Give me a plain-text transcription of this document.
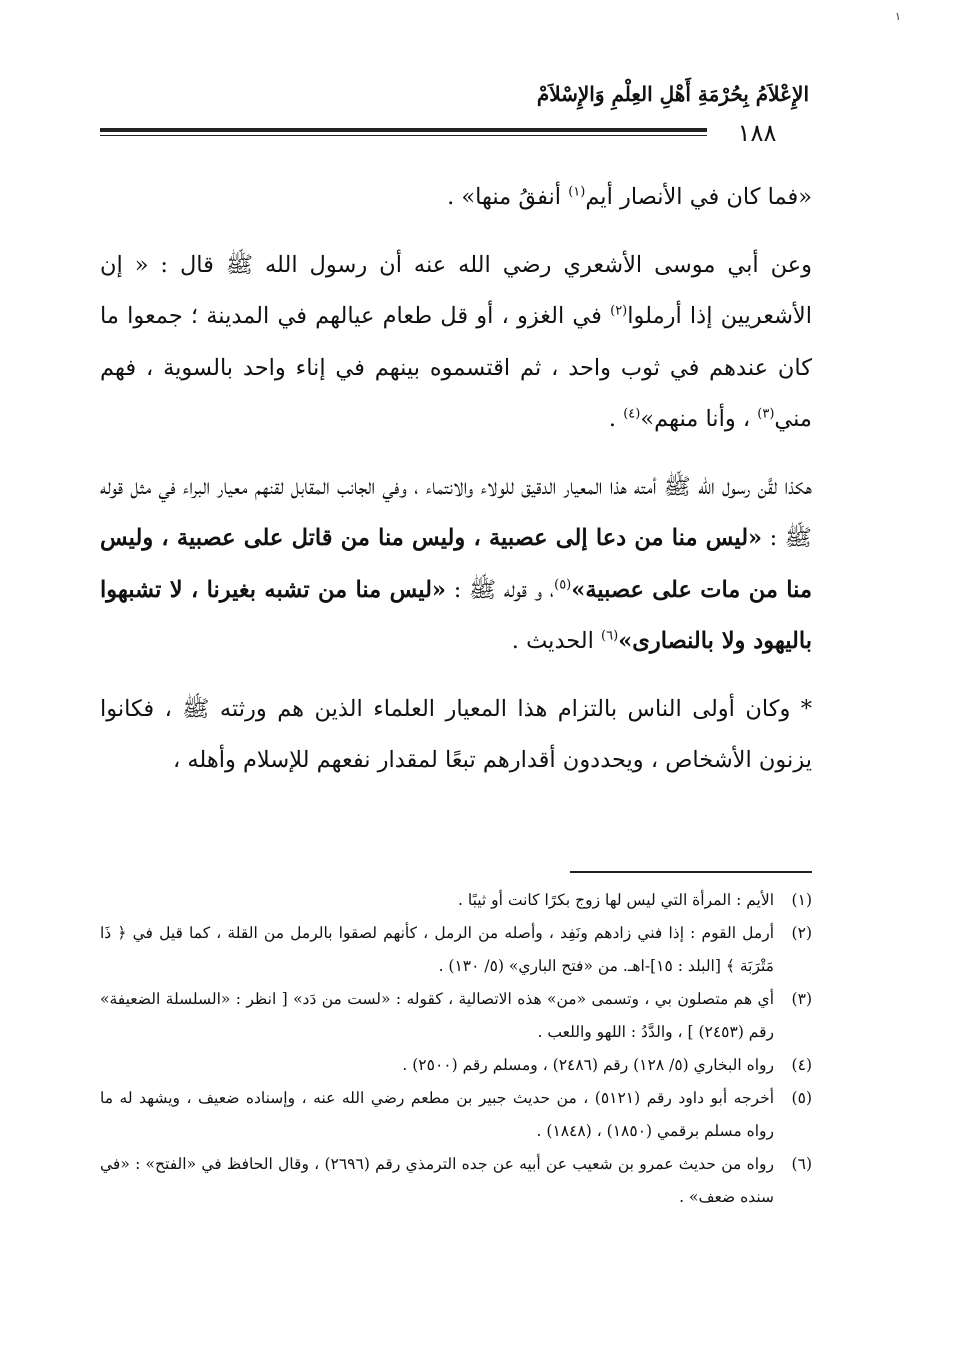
١
الإِعْلاَمُ بِحُرْمَةِ أَهْلِ العِلْمِ وَالإِسْلاَمْ
١٨٨

«فما كان في الأنصار أيم$^{(١)}$ أنفقُ منها» .

وعن أبي موسى الأشعري رضي الله عنه أن رسول الله ﷺ قال : « إن الأشعريين إذا أرملوا$^{(٢)}$ في الغزو ، أو قل طعام عيالهم في المدينة ؛ جمعوا ما كان عندهم في ثوب واحد ، ثم اقتسموه بينهم في إناء واحد بالسوية ، فهم مني$^{(٣)}$ ، وأنا منهم»$^{(٤)}$ .

هكذا لقَّن رسول الله ﷺ أمته هذا المعيار الدقيق للولاء والانتماء ، وفي الجانب المقابل لقنهم معيار البراء في مثل قوله ﷺ : «ليس منا من دعا إلى عصبية ، وليس منا من قاتل على عصبية ، وليس منا من مات على عصبية»$^{(٥)}$، و قوله ﷺ : «ليس منا من تشبه بغيرنا ، لا تشبهوا باليهود ولا بالنصارى»$^{(٦)}$ الحديث .

* وكان أولى الناس بالتزام هذا المعيار العلماء الذين هم ورثته ﷺ ، فكانوا يزنون الأشخاص ، ويحددون أقدارهم تبعًا لمقدار نفعهم للإسلام وأهله ،

(١)
الأيم : المرأة التي ليس لها زوج بكرًا كانت أو ثيبًا .
(٢)
أرمل القوم : إذا فني زادهم ونَفِد ، وأصله من الرمل ، كأنهم لصقوا بالرمل من القلة ، كما قيل في ﴿ ذَا مَتْرَبَة ﴾ [البلد : ١٥]-اهـ. من «فتح الباري» (٥/ ١٣٠) .
(٣)
أي هم متصلون بي ، وتسمى «من» هذه الاتصالية ، كقوله : «لست من دَد» [ انظر : «السلسلة الضعيفة» رقم (٢٤٥٣) ] ، والدَّدُ : اللهو واللعب .
(٤)
رواه البخاري (٥/ ١٢٨) رقم (٢٤٨٦) ، ومسلم رقم (٢٥٠٠) .
(٥)
أخرجه أبو داود رقم (٥١٢١) ، من حديث جبير بن مطعم رضي الله عنه ، وإسناده ضعيف ، ويشهد له ما رواه مسلم برقمي (١٨٥٠) ، (١٨٤٨) .
(٦)
رواه من حديث عمرو بن شعيب عن أبيه عن جده الترمذي رقم (٢٦٩٦) ، وقال الحافظ في «الفتح» : «في سنده ضعف» .
